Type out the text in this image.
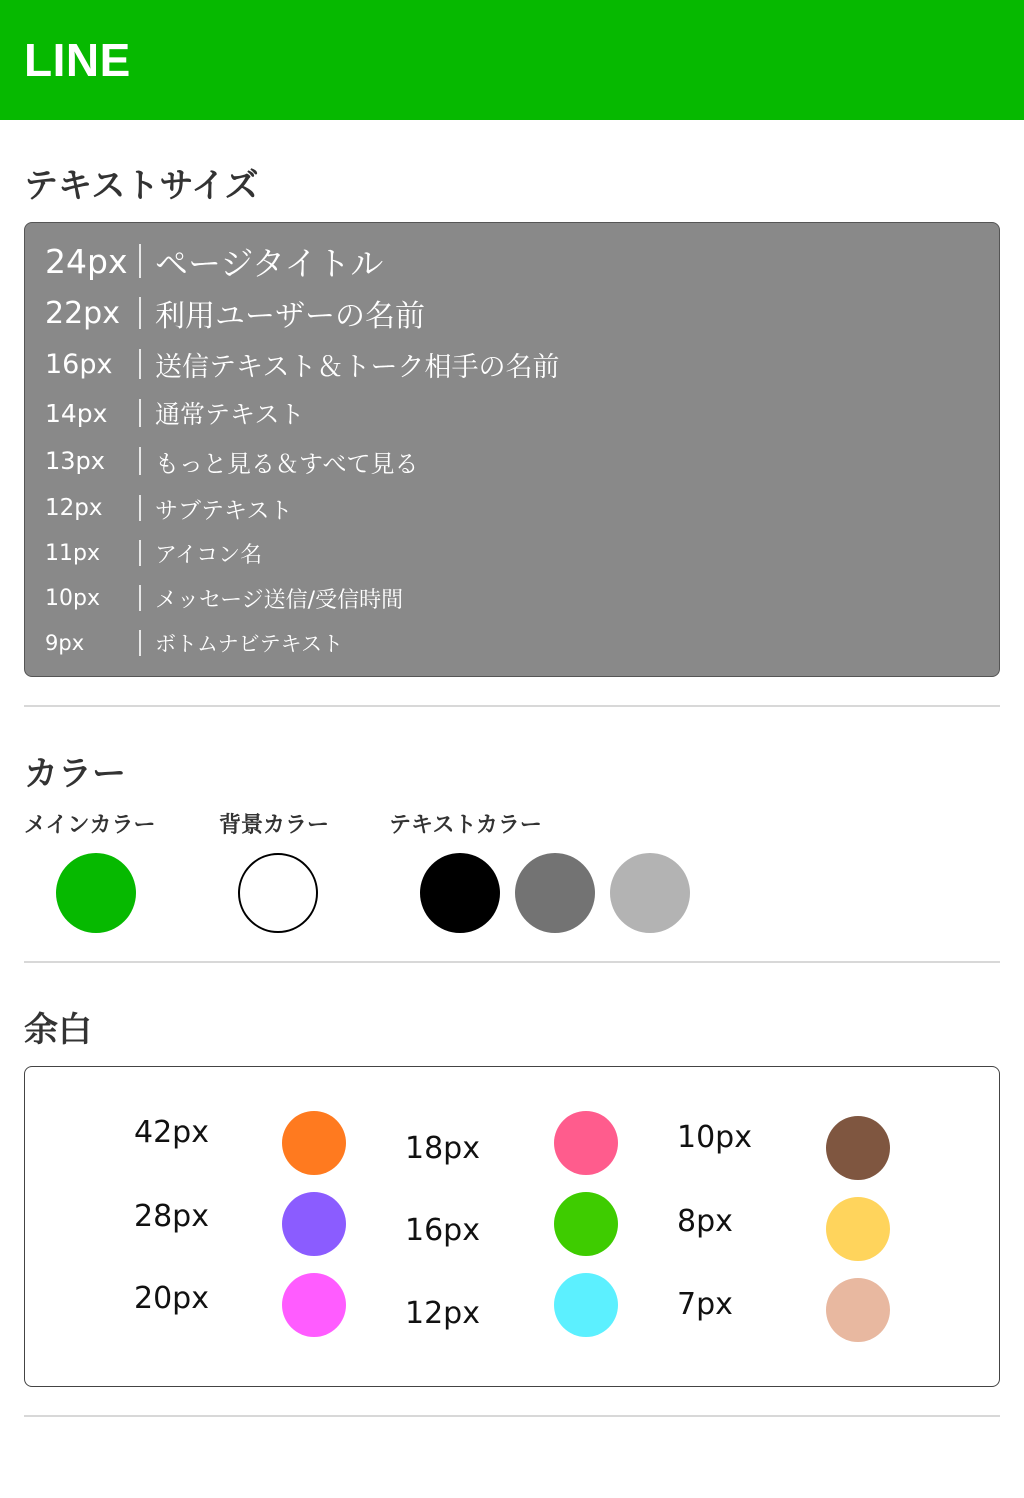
LINE
テキストサイズ
24px ページタイトル
22px	利用ユーザーの名前
16px	送信テキスト＆トーク相手の名前
14px	通常テキスト
13px	もっと見る＆すべて見る
12px	サブテキスト
11px	アイコン名
10px	メッセージ送信/受信時間
9px	ボトムナビテキスト
カラー
メインカラー	背景カラー	テキストカラー
余白
42px
28px
20px
18px
16px
12px
10px
8px
7px
